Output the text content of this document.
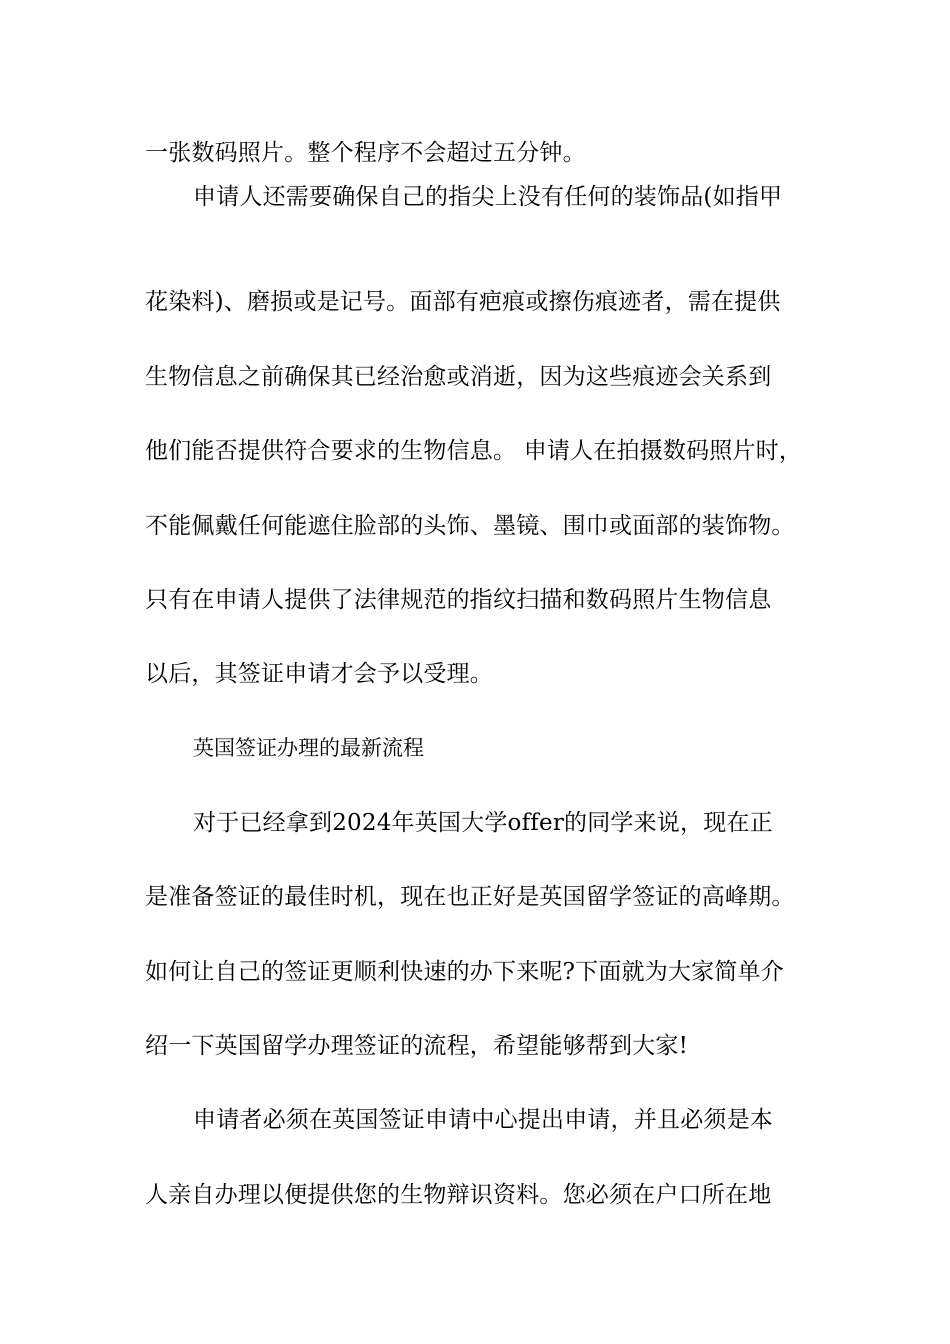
一张数码照片。整个程序不会超过五分钟。
申请人还需要确保自己的指尖上没有任何的装饰品(如指甲
花染料)、磨损或是记号。面部有疤痕或擦伤痕迹者，需在提供
生物信息之前确保其已经治愈或消逝，因为这些痕迹会关系到
他们能否提供符合要求的生物信息。 申请人在拍摄数码照片时，
不能佩戴任何能遮住脸部的头饰、墨镜、围巾或面部的装饰物。
只有在申请人提供了法律规范的指纹扫描和数码照片生物信息
以后，其签证申请才会予以受理。
英国签证办理的最新流程
对于已经拿到2024年英国大学offer的同学来说，现在正
是准备签证的最佳时机，现在也正好是英国留学签证的高峰期。
如何让自己的签证更顺利快速的办下来呢?下面就为大家简单介
绍一下英国留学办理签证的流程，希望能够帮到大家!
申请者必须在英国签证申请中心提出申请，并且必须是本
人亲自办理以便提供您的生物辩识资料。您必须在户口所在地
